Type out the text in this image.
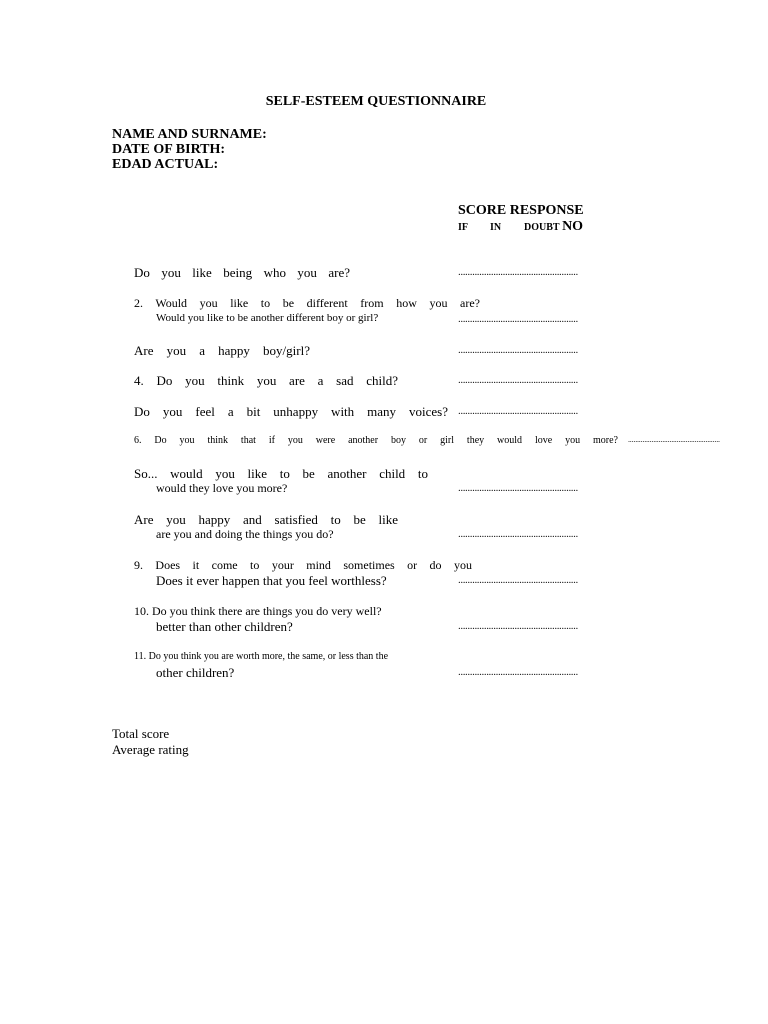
SELF-ESTEEM QUESTIONNAIRE
NAME AND SURNAME:
DATE OF BIRTH:
EDAD ACTUAL:
SCORE RESPONSE
IF IN DOUBT NO
Do you like being who you are?	...................................................
2. Would you like to be different from how you are?
Would you like to be another different boy or girl?	...................................................
Are you a happy boy/girl?	...................................................
4. Do you think you are a sad child?	...................................................
Do you feel a bit unhappy with many voices? ...................................................
6. Do you think that if you were another boy or girl they would love you more? ...................................................
So... would you like to be another child to
would they love you more?	...................................................
Are you happy and satisfied to be like
are you and doing the things you do?	...................................................
9. Does it come to your mind sometimes or do you
Does it ever happen that you feel worthless?	...................................................
10. Do you think there are things you do very well?
better than other children?	...................................................
11. Do you think you are worth more, the same, or less than the
other children?	...................................................
Total score
Average rating
